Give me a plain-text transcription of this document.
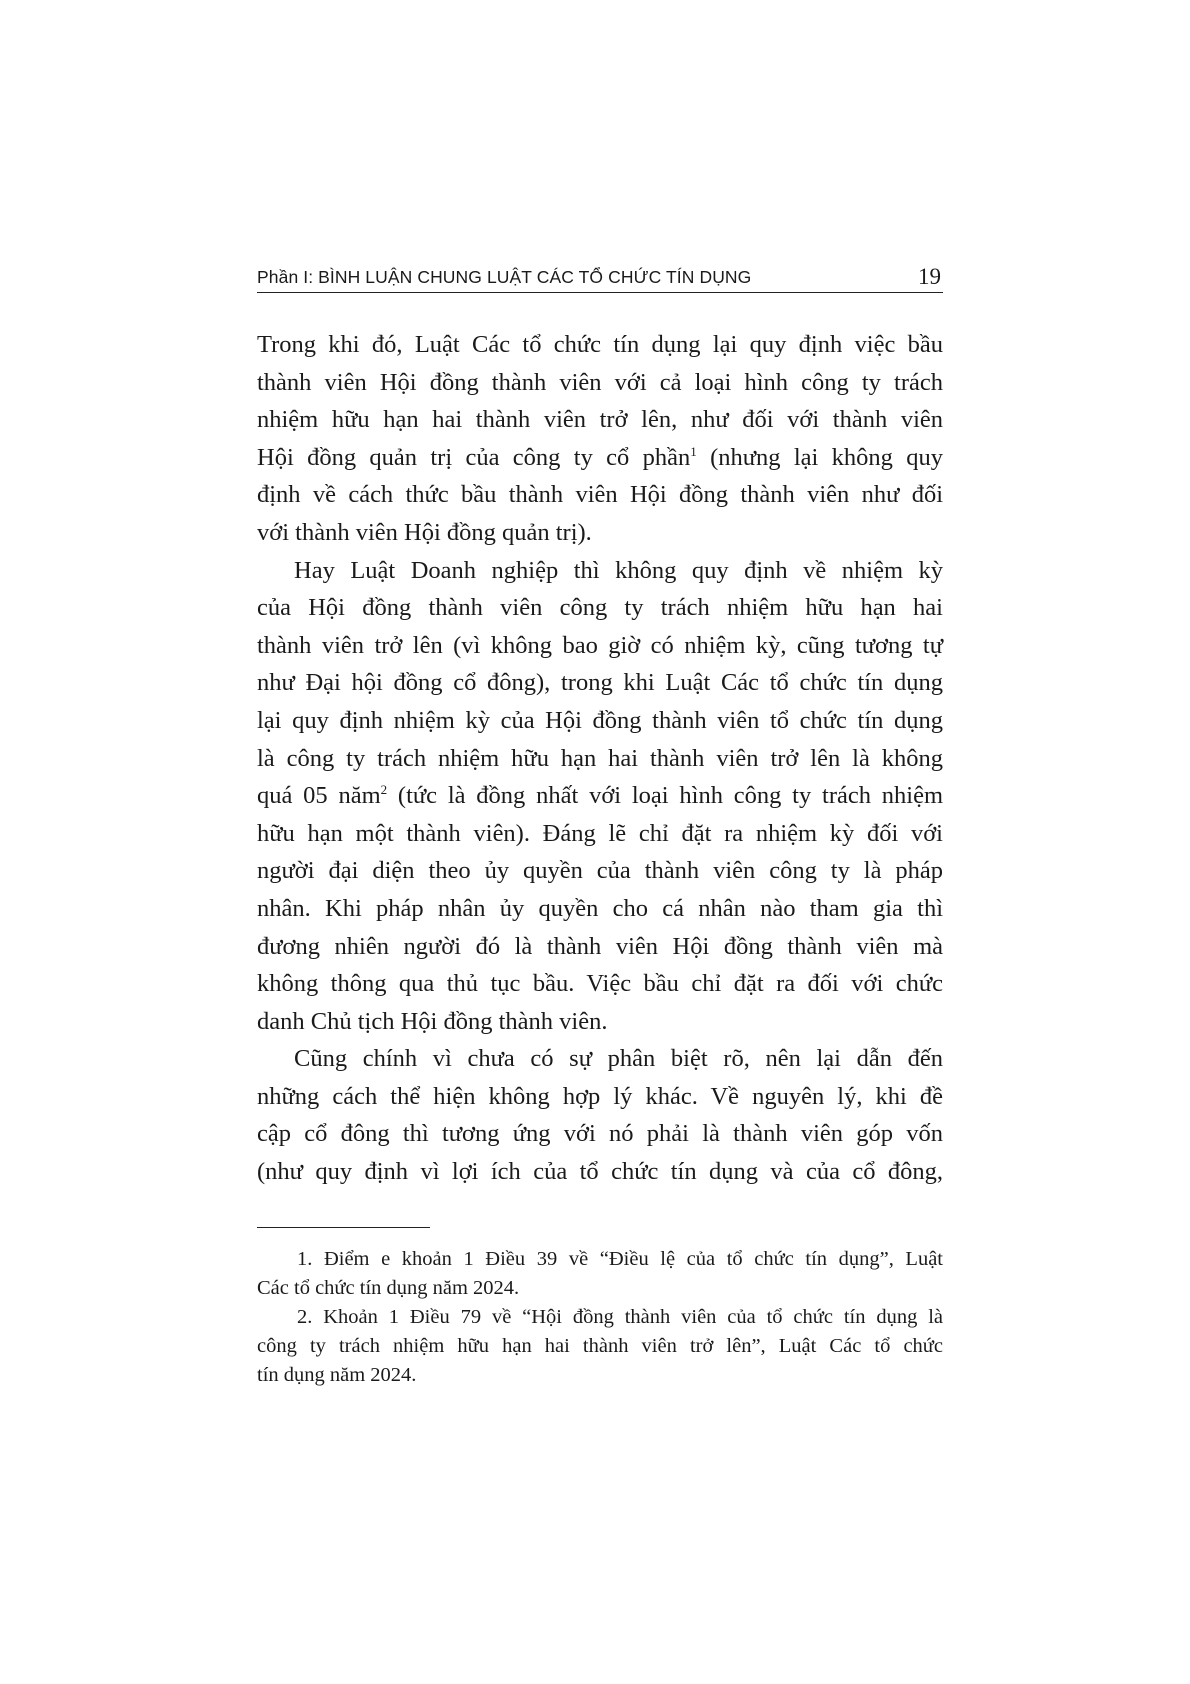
Phần I: BÌNH LUẬN CHUNG LUẬT CÁC TỔ CHỨC TÍN DỤNG	19
Trong khi đó, Luật Các tổ chức tín dụng lại quy định việc bầu
thành viên Hội đồng thành viên với cả loại hình công ty trách
nhiệm hữu hạn hai thành viên trở lên, như đối với thành viên
Hội đồng quản trị của công ty cổ phần$^1$ (nhưng lại không quy
định về cách thức bầu thành viên Hội đồng thành viên như đối
với thành viên Hội đồng quản trị).
Hay Luật Doanh nghiệp thì không quy định về nhiệm kỳ
của Hội đồng thành viên công ty trách nhiệm hữu hạn hai
thành viên trở lên (vì không bao giờ có nhiệm kỳ, cũng tương tự
như Đại hội đồng cổ đông), trong khi Luật Các tổ chức tín dụng
lại quy định nhiệm kỳ của Hội đồng thành viên tổ chức tín dụng
là công ty trách nhiệm hữu hạn hai thành viên trở lên là không
quá 05 năm$^2$ (tức là đồng nhất với loại hình công ty trách nhiệm
hữu hạn một thành viên). Đáng lẽ chỉ đặt ra nhiệm kỳ đối với
người đại diện theo ủy quyền của thành viên công ty là pháp
nhân. Khi pháp nhân ủy quyền cho cá nhân nào tham gia thì
đương nhiên người đó là thành viên Hội đồng thành viên mà
không thông qua thủ tục bầu. Việc bầu chỉ đặt ra đối với chức
danh Chủ tịch Hội đồng thành viên.
Cũng chính vì chưa có sự phân biệt rõ, nên lại dẫn đến
những cách thể hiện không hợp lý khác. Về nguyên lý, khi đề
cập cổ đông thì tương ứng với nó phải là thành viên góp vốn
(như quy định vì lợi ích của tổ chức tín dụng và của cổ đông,
1. Điểm e khoản 1 Điều 39 về “Điều lệ của tổ chức tín dụng”, Luật
Các tổ chức tín dụng năm 2024.
2. Khoản 1 Điều 79 về “Hội đồng thành viên của tổ chức tín dụng là
công ty trách nhiệm hữu hạn hai thành viên trở lên”, Luật Các tổ chức
tín dụng năm 2024.
